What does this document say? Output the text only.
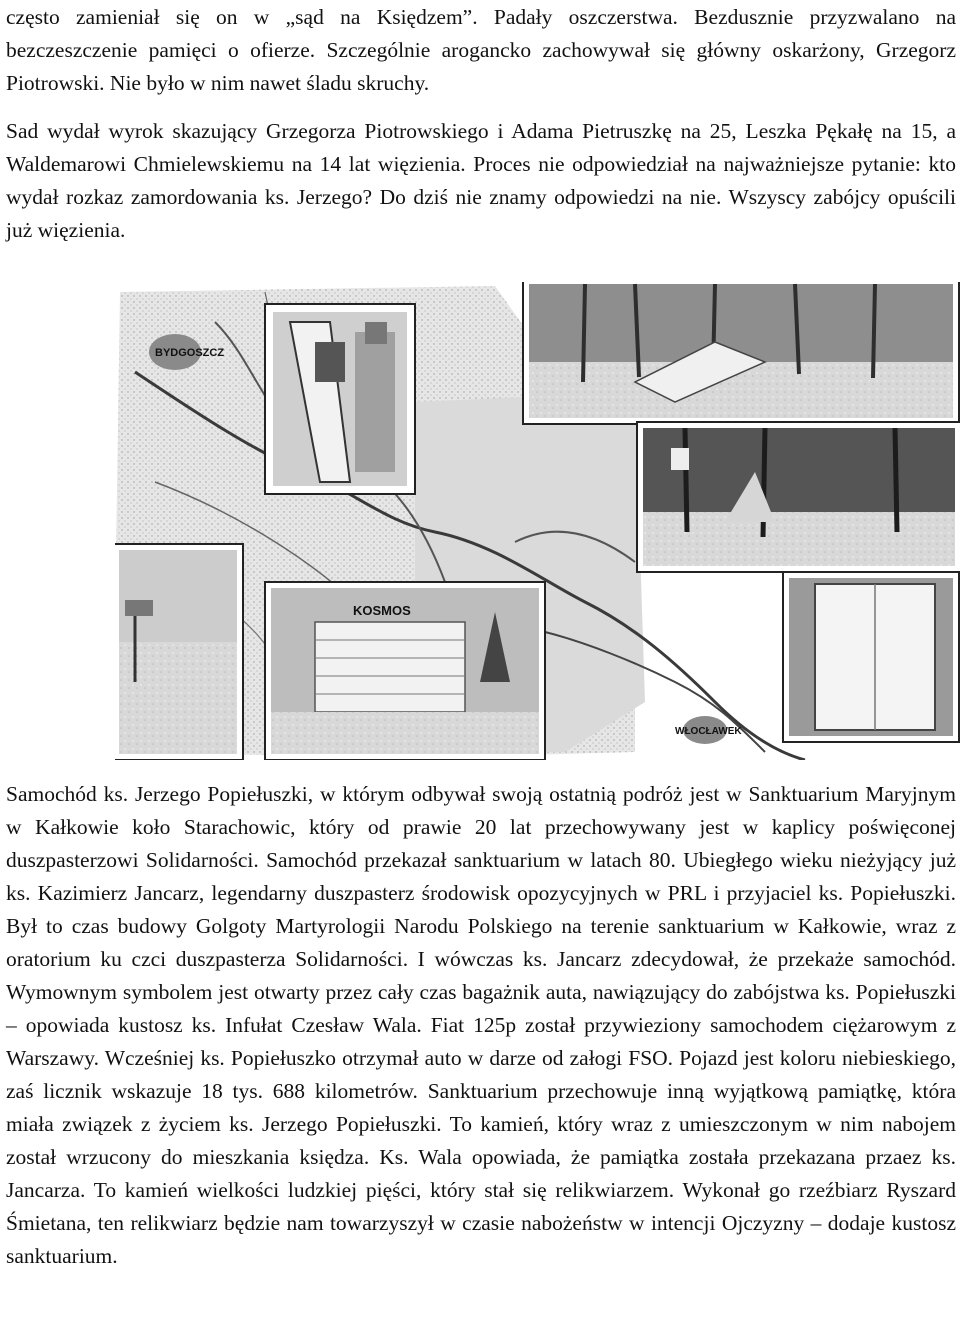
często zamieniał się on w „sąd na Księdzem”. Padały oszczerstwa. Bezdusznie przyzwalano na bezczeszczenie pamięci o ofierze. Szczególnie arogancko zachowywał się główny oskarżony, Grzegorz Piotrowski. Nie było w nim nawet śladu skruchy.

Sad wydał wyrok skazujący Grzegorza Piotrowskiego i Adama Pietruszkę na 25, Leszka Pękałę na 15, a Waldemarowi Chmielewskiemu na 14 lat więzienia. Proces nie odpowiedział na najważniejsze pytanie: kto wydał rozkaz zamordowania ks. Jerzego? Do dziś nie znamy odpowiedzi na nie. Wszyscy zabójcy opuścili już więzienia.

BYDGOSZCZ
WŁOCŁAWEK
KOSMOS

Samochód ks. Jerzego Popiełuszki, w którym odbywał swoją ostatnią podróż jest w Sanktuarium Maryjnym w Kałkowie koło Starachowic, który od prawie 20 lat przechowywany jest w kaplicy poświęconej duszpasterzowi Solidarności. Samochód przekazał sanktuarium w latach 80. Ubiegłego wieku nieżyjący już ks. Kazimierz Jancarz, legendarny duszpasterz środowisk opozycyjnych w PRL i przyjaciel ks. Popiełuszki. Był to czas budowy Golgoty Martyrologii Narodu Polskiego na terenie sanktuarium w Kałkowie, wraz z oratorium ku czci duszpasterza Solidarności. I wówczas ks. Jancarz zdecydował, że przekaże samochód. Wymownym symbolem jest otwarty przez cały czas bagażnik auta, nawiązujący do zabójstwa ks. Popiełuszki – opowiada kustosz ks. Infułat Czesław Wala. Fiat 125p został przywieziony samochodem ciężarowym z Warszawy. Wcześniej ks. Popiełuszko otrzymał auto w darze od załogi FSO. Pojazd jest koloru niebieskiego, zaś licznik wskazuje 18 tys. 688 kilometrów. Sanktuarium przechowuje inną wyjątkową pamiątkę, która miała związek z życiem ks. Jerzego Popiełuszki. To kamień, który wraz z umieszczonym w nim nabojem został wrzucony do mieszkania księdza. Ks. Wala opowiada, że pamiątka została przekazana przaez ks. Jancarza. To kamień wielkości ludzkiej pięści, który stał się relikwiarzem. Wykonał go rzeźbiarz Ryszard Śmietana, ten relikwiarz będzie nam towarzyszył w czasie nabożeństw w intencji Ojczyzny – dodaje kustosz sanktuarium.
